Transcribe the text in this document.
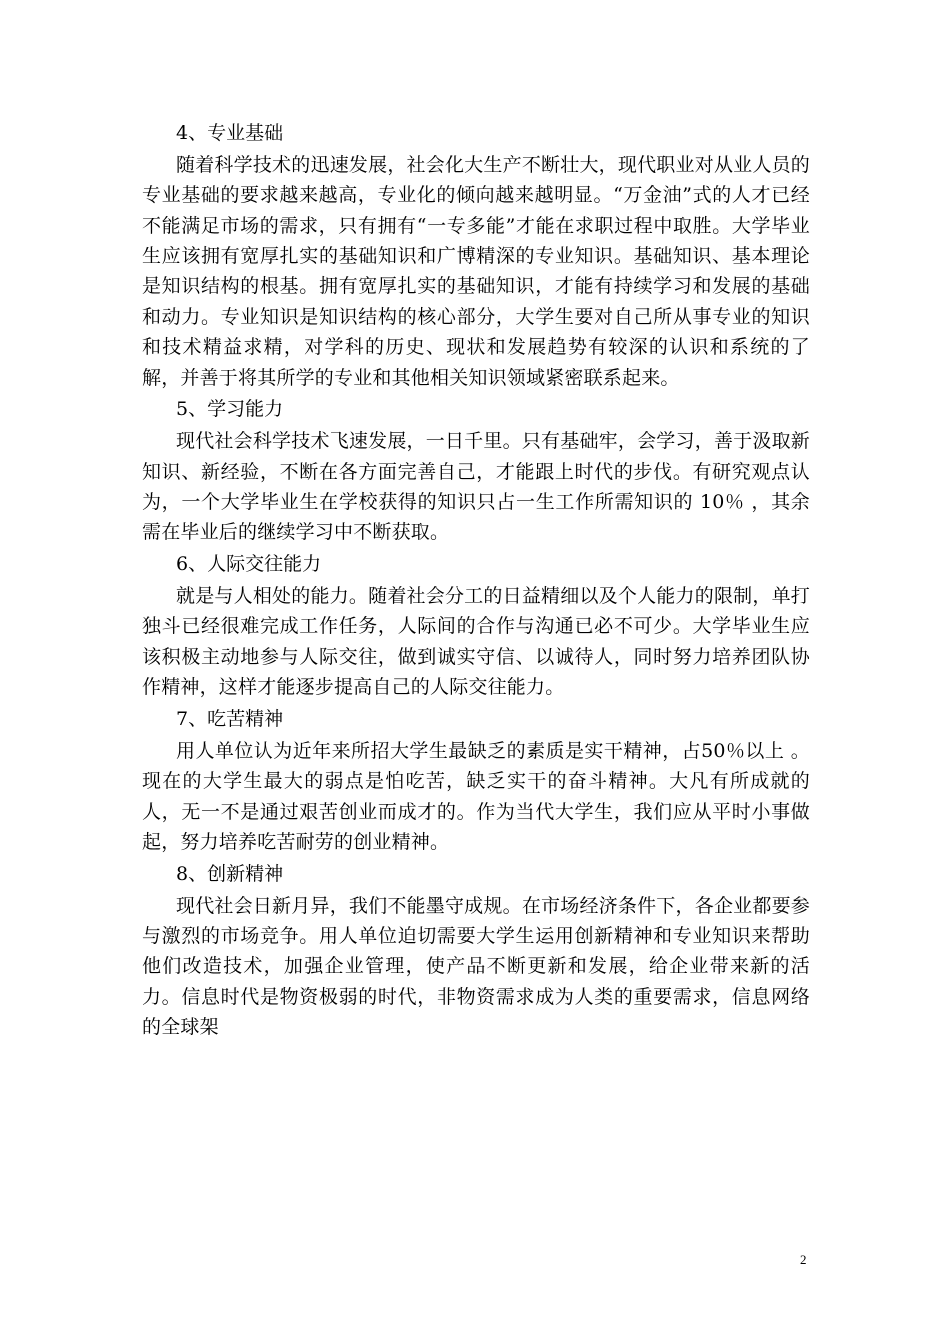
4、专业基础

随着科学技术的迅速发展，社会化大生产不断壮大，现代职业对从业人员的专业基础的要求越来越高，专业化的倾向越来越明显。“万金油”式的人才已经不能满足市场的需求，只有拥有“一专多能”才能在求职过程中取胜。大学毕业生应该拥有宽厚扎实的基础知识和广博精深的专业知识。基础知识、基本理论是知识结构的根基。拥有宽厚扎实的基础知识，才能有持续学习和发展的基础和动力。专业知识是知识结构的核心部分，大学生要对自己所从事专业的知识和技术精益求精，对学科的历史、现状和发展趋势有较深的认识和系统的了解，并善于将其所学的专业和其他相关知识领域紧密联系起来。

5、学习能力

现代社会科学技术飞速发展，一日千里。只有基础牢，会学习，善于汲取新知识、新经验，不断在各方面完善自己，才能跟上时代的步伐。有研究观点认为，一个大学毕业生在学校获得的知识只占一生工作所需知识的 10％ ，其余需在毕业后的继续学习中不断获取。

6、人际交往能力

就是与人相处的能力。随着社会分工的日益精细以及个人能力的限制，单打独斗已经很难完成工作任务，人际间的合作与沟通已必不可少。大学毕业生应该积极主动地参与人际交往，做到诚实守信、以诚待人，同时努力培养团队协作精神，这样才能逐步提高自己的人际交往能力。

7、吃苦精神

用人单位认为近年来所招大学生最缺乏的素质是实干精神，占50％以上 。现在的大学生最大的弱点是怕吃苦，缺乏实干的奋斗精神。大凡有所成就的人，无一不是通过艰苦创业而成才的。作为当代大学生，我们应从平时小事做起，努力培养吃苦耐劳的创业精神。

8、创新精神

现代社会日新月异，我们不能墨守成规。在市场经济条件下，各企业都要参与激烈的市场竞争。用人单位迫切需要大学生运用创新精神和专业知识来帮助他们改造技术，加强企业管理，使产品不断更新和发展，给企业带来新的活力。信息时代是物资极弱的时代，非物资需求成为人类的重要需求，信息网络的全球架

2
